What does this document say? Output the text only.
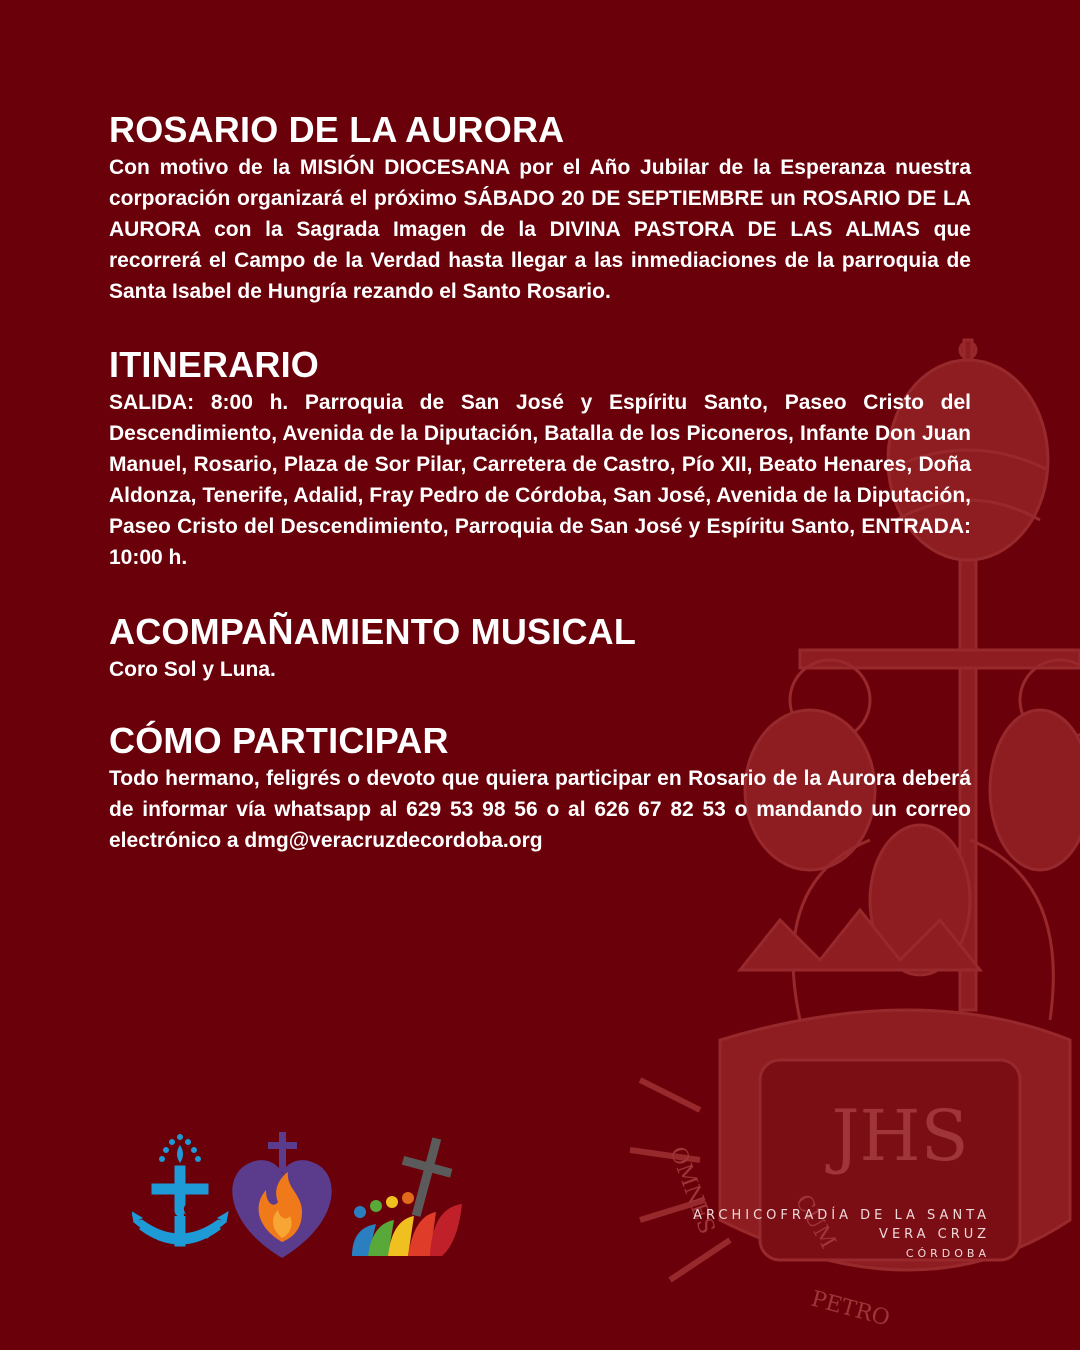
JHS
OMNES	CUM
PETRO
ROSARIO DE LA AURORA

Con motivo de la MISIÓN DIOCESANA por el Año Jubilar de la Esperanza nuestra corporación organizará el próximo SÁBADO 20 DE SEPTIEMBRE un ROSARIO DE LA AURORA con la Sagrada Imagen de la DIVINA PASTORA DE LAS ALMAS que recorrerá el Campo de la Verdad hasta llegar a las inmediaciones de la parroquia de Santa Isabel de Hungría rezando el Santo Rosario.

ITINERARIO

SALIDA: 8:00 h. Parroquia de San José y Espíritu Santo, Paseo Cristo del Descendimiento, Avenida de la Diputación, Batalla de los Piconeros, Infante Don Juan Manuel, Rosario, Plaza de Sor Pilar, Carretera de Castro, Pío XII, Beato Henares, Doña Aldonza, Tenerife, Adalid, Fray Pedro de Córdoba, San José, Avenida de la Diputación, Paseo Cristo del Descendimiento, Parroquia de San José y Espíritu Santo, ENTRADA: 10:00 h.

ACOMPAÑAMIENTO MUSICAL

Coro Sol y Luna.

CÓMO PARTICIPAR

Todo hermano, feligrés o devoto que quiera participar en Rosario de la Aurora deberá de informar vía whatsapp al 629 53 98 56 o al 626 67 82 53 o mandando un correo electrónico a dmg@veracruzdecordoba.org

A Ω	ARCHICOFRADÍA DE LA SANTA
VERA CRUZ
CÓRDOBA
